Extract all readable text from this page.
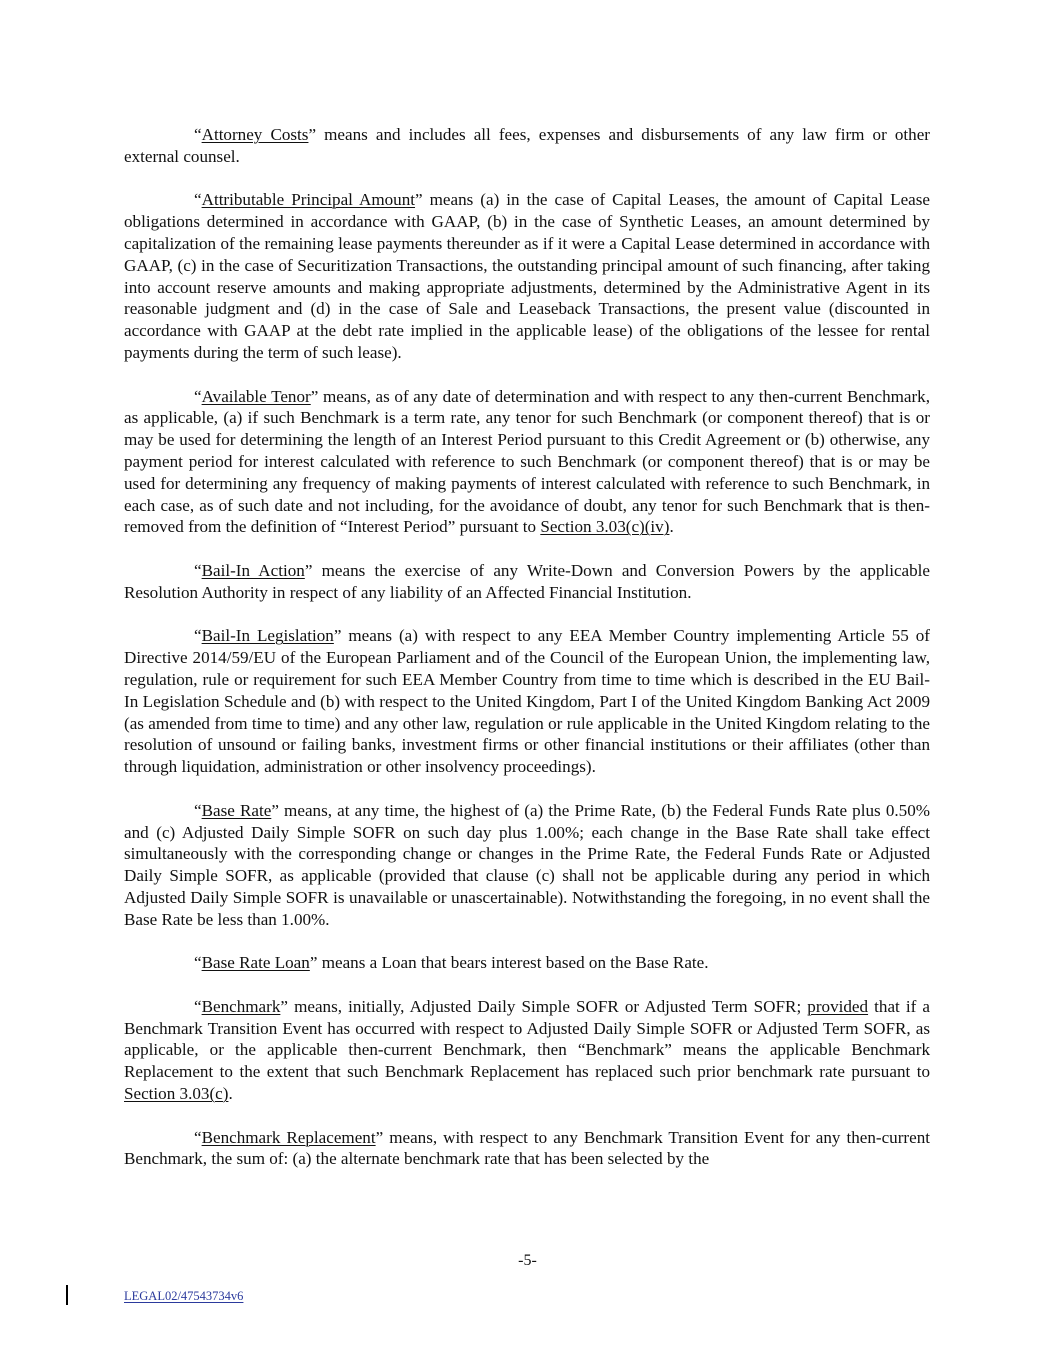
“Attorney Costs” means and includes all fees, expenses and disbursements of any law firm or other external counsel.

“Attributable Principal Amount” means (a) in the case of Capital Leases, the amount of Capital Lease obligations determined in accordance with GAAP, (b) in the case of Synthetic Leases, an amount determined by capitalization of the remaining lease payments thereunder as if it were a Capital Lease determined in accordance with GAAP, (c) in the case of Securitization Transactions, the outstanding principal amount of such financing, after taking into account reserve amounts and making appropriate adjustments, determined by the Administrative Agent in its reasonable judgment and (d) in the case of Sale and Leaseback Transactions, the present value (discounted in accordance with GAAP at the debt rate implied in the applicable lease) of the obligations of the lessee for rental payments during the term of such lease).

“Available Tenor” means, as of any date of determination and with respect to any then-current Benchmark, as applicable, (a) if such Benchmark is a term rate, any tenor for such Benchmark (or component thereof) that is or may be used for determining the length of an Interest Period pursuant to this Credit Agreement or (b) otherwise, any payment period for interest calculated with reference to such Benchmark (or component thereof) that is or may be used for determining any frequency of making payments of interest calculated with reference to such Benchmark, in each case, as of such date and not including, for the avoidance of doubt, any tenor for such Benchmark that is then-removed from the definition of “Interest Period” pursuant to Section 3.03(c)(iv).

“Bail-In Action” means the exercise of any Write-Down and Conversion Powers by the applicable Resolution Authority in respect of any liability of an Affected Financial Institution.

“Bail-In Legislation” means (a) with respect to any EEA Member Country implementing Article 55 of Directive 2014/59/EU of the European Parliament and of the Council of the European Union, the implementing law, regulation, rule or requirement for such EEA Member Country from time to time which is described in the EU Bail-In Legislation Schedule and (b) with respect to the United Kingdom, Part I of the United Kingdom Banking Act 2009 (as amended from time to time) and any other law, regulation or rule applicable in the United Kingdom relating to the resolution of unsound or failing banks, investment firms or other financial institutions or their affiliates (other than through liquidation, administration or other insolvency proceedings).

“Base Rate” means, at any time, the highest of (a) the Prime Rate, (b) the Federal Funds Rate plus 0.50% and (c) Adjusted Daily Simple SOFR on such day plus 1.00%; each change in the Base Rate shall take effect simultaneously with the corresponding change or changes in the Prime Rate, the Federal Funds Rate or Adjusted Daily Simple SOFR, as applicable (provided that clause (c) shall not be applicable during any period in which Adjusted Daily Simple SOFR is unavailable or unascertainable). Notwithstanding the foregoing, in no event shall the Base Rate be less than 1.00%.

“Base Rate Loan” means a Loan that bears interest based on the Base Rate.

“Benchmark” means, initially, Adjusted Daily Simple SOFR or Adjusted Term SOFR; provided that if a Benchmark Transition Event has occurred with respect to Adjusted Daily Simple SOFR or Adjusted Term SOFR, as applicable, or the applicable then-current Benchmark, then “Benchmark” means the applicable Benchmark Replacement to the extent that such Benchmark Replacement has replaced such prior benchmark rate pursuant to Section 3.03(c).

“Benchmark Replacement” means, with respect to any Benchmark Transition Event for any then-current Benchmark, the sum of: (a) the alternate benchmark rate that has been selected by the

-5-
LEGAL02/47543734v6
